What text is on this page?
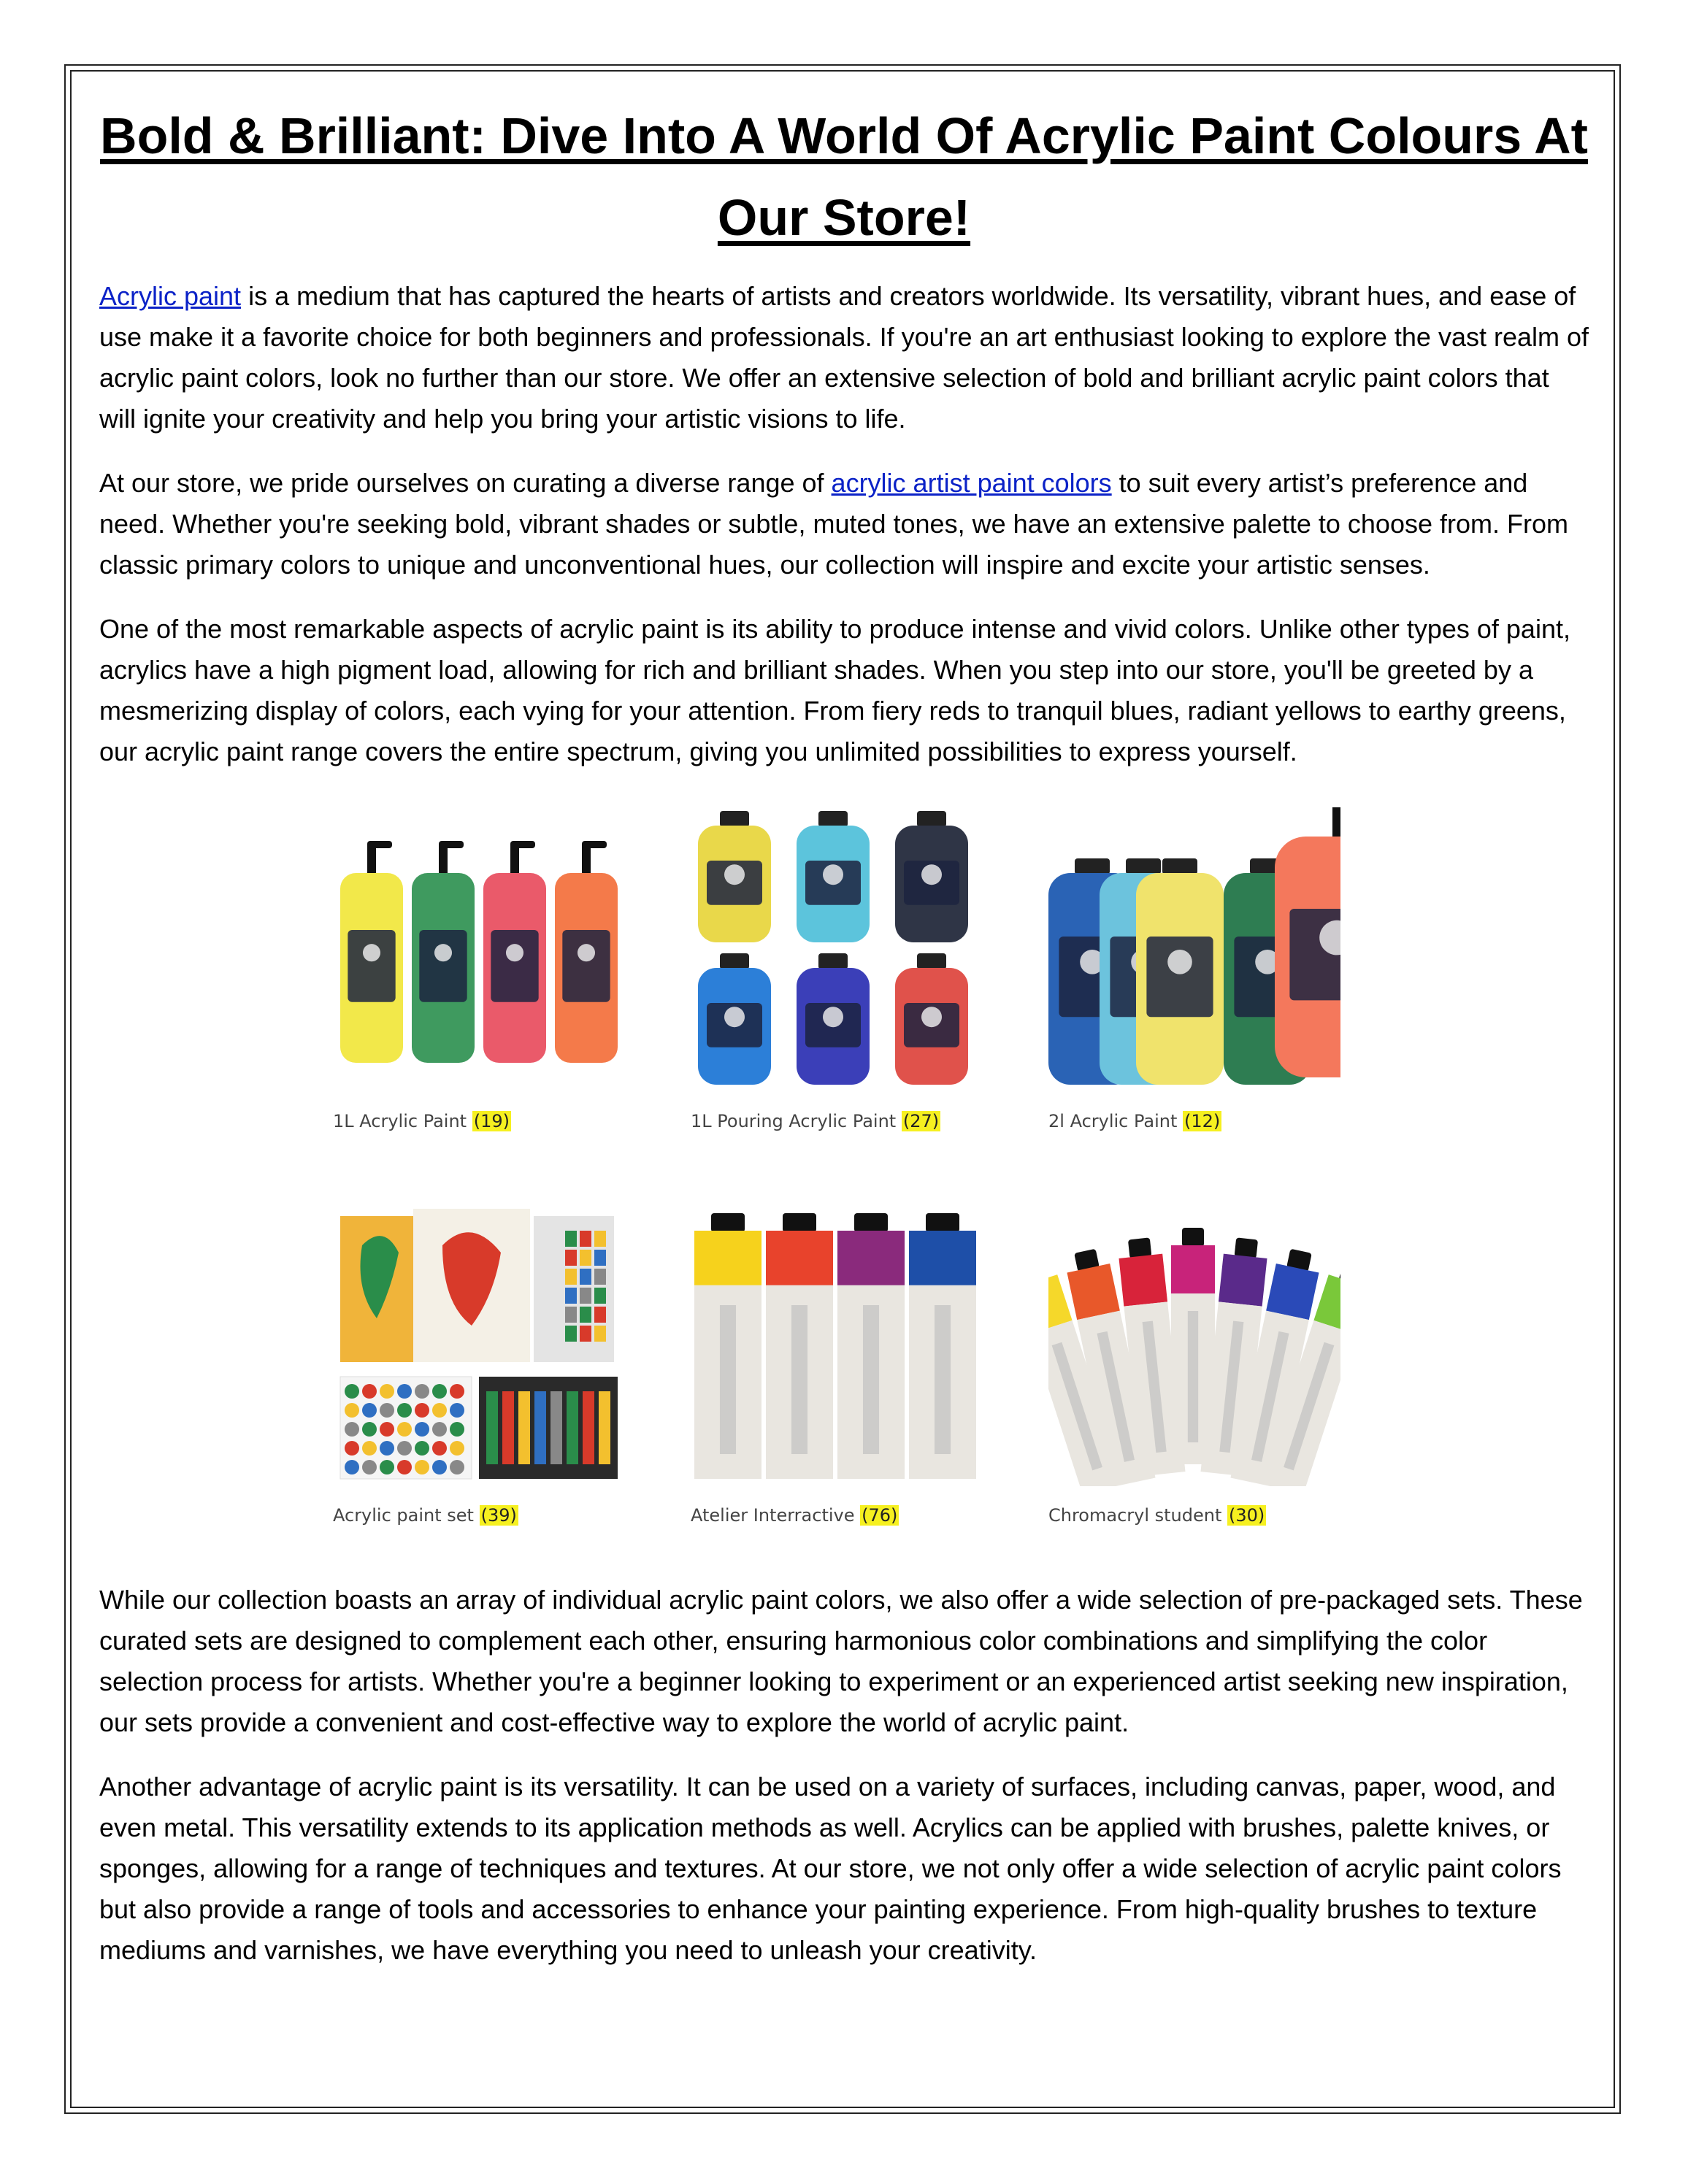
Bold & Brilliant: Dive Into A World Of Acrylic Paint Colours At Our Store!

Acrylic paint is a medium that has captured the hearts of artists and creators worldwide. Its versatility, vibrant hues, and ease of use make it a favorite choice for both beginners and professionals. If you're an art enthusiast looking to explore the vast realm of acrylic paint colors, look no further than our store. We offer an extensive selection of bold and brilliant acrylic paint colors that will ignite your creativity and help you bring your artistic visions to life.

At our store, we pride ourselves on curating a diverse range of acrylic artist paint colors to suit every artist’s preference and need. Whether you're seeking bold, vibrant shades or subtle, muted tones, we have an extensive palette to choose from. From classic primary colors to unique and unconventional hues, our collection will inspire and excite your artistic senses.

One of the most remarkable aspects of acrylic paint is its ability to produce intense and vivid colors. Unlike other types of paint, acrylics have a high pigment load, allowing for rich and brilliant shades. When you step into our store, you'll be greeted by a mesmerizing display of colors, each vying for your attention. From fiery reds to tranquil blues, radiant yellows to earthy greens, our acrylic paint range covers the entire spectrum, giving you unlimited possibilities to express yourself.

1L Acrylic Paint (19)	1L Pouring Acrylic Paint (27)	2l Acrylic Paint (12)
Acrylic paint set (39)	Atelier Interractive (76)	Chromacryl student (30)

While our collection boasts an array of individual acrylic paint colors, we also offer a wide selection of pre-packaged sets. These curated sets are designed to complement each other, ensuring harmonious color combinations and simplifying the color selection process for artists. Whether you're a beginner looking to experiment or an experienced artist seeking new inspiration, our sets provide a convenient and cost-effective way to explore the world of acrylic paint.

Another advantage of acrylic paint is its versatility. It can be used on a variety of surfaces, including canvas, paper, wood, and even metal. This versatility extends to its application methods as well. Acrylics can be applied with brushes, palette knives, or sponges, allowing for a range of techniques and textures. At our store, we not only offer a wide selection of acrylic paint colors but also provide a range of tools and accessories to enhance your painting experience. From high-quality brushes to texture mediums and varnishes, we have everything you need to unleash your creativity.
